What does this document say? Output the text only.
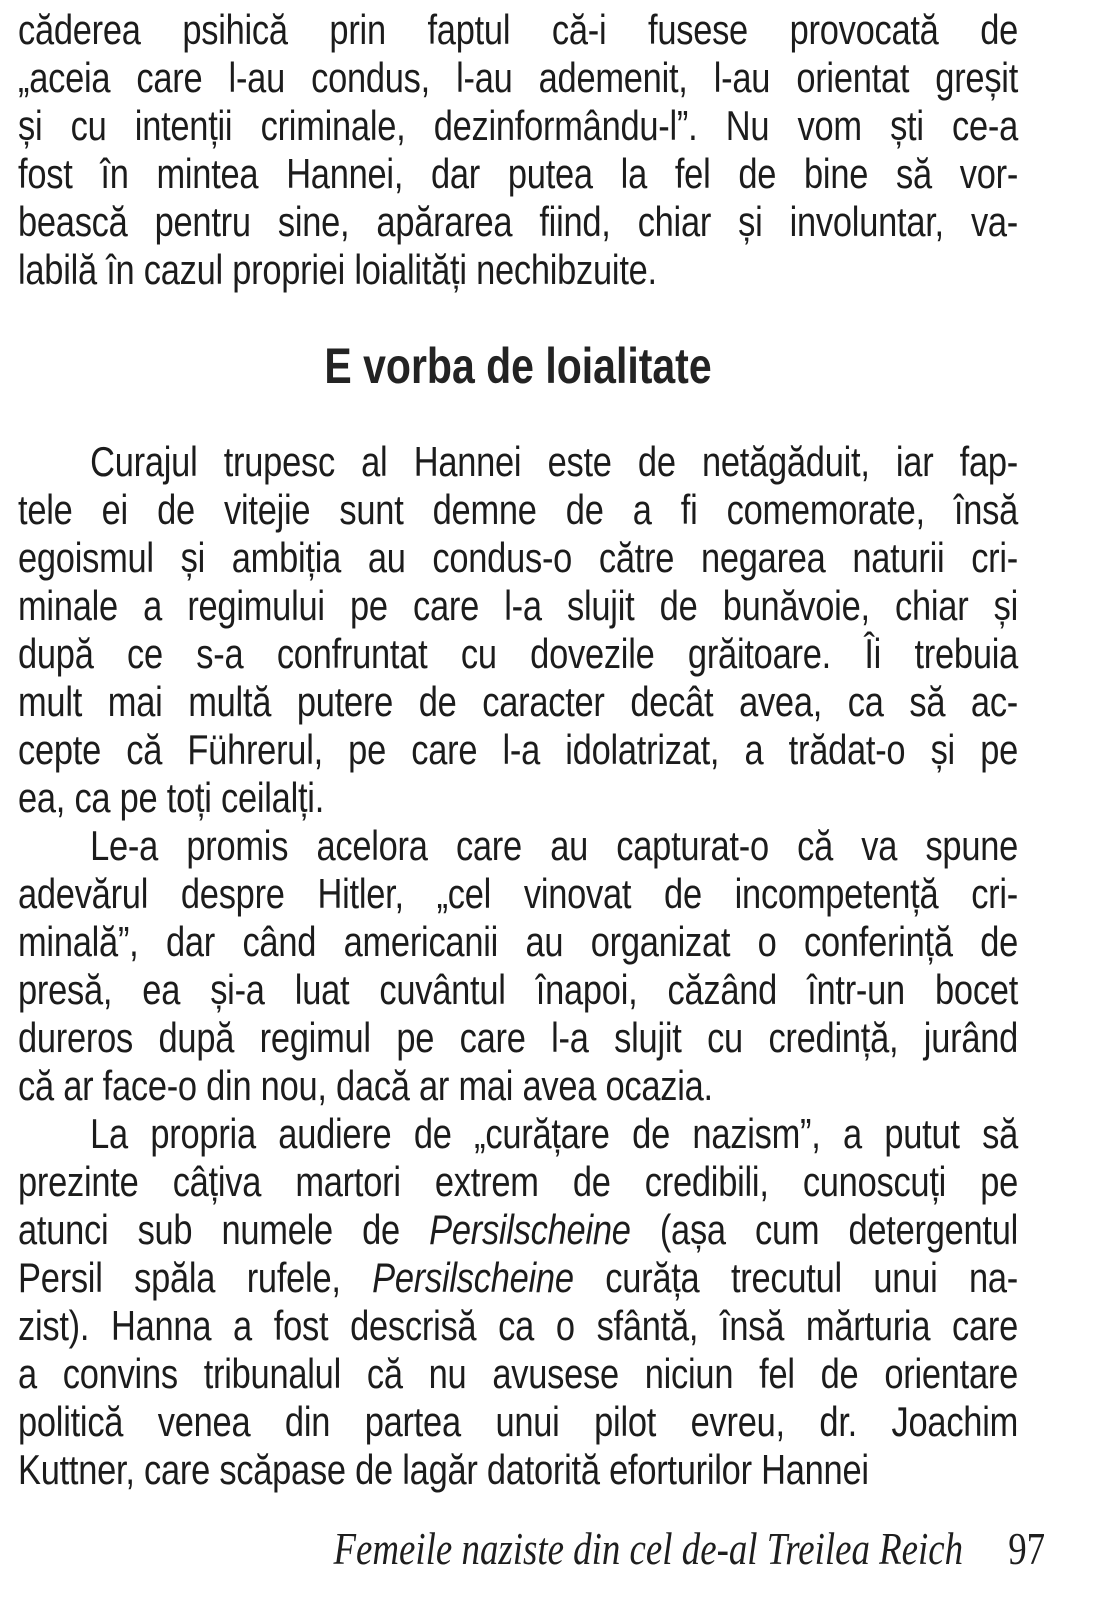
căderea psihică prin faptul că-i fusese provocată de
„aceia care l-au condus, l-au ademenit, l-au orientat greșit
și cu intenții criminale, dezinformându-l”. Nu vom ști ce-a
fost în mintea Hannei, dar putea la fel de bine să vor-
bească pentru sine, apărarea fiind, chiar și involuntar, va-
labilă în cazul propriei loialități nechibzuite.
E vorba de loialitate
Curajul trupesc al Hannei este de netăgăduit, iar fap-
tele ei de vitejie sunt demne de a fi comemorate, însă
egoismul și ambiția au condus-o către negarea naturii cri-
minale a regimului pe care l-a slujit de bunăvoie, chiar și
după ce s-a confruntat cu dovezile grăitoare. Îi trebuia
mult mai multă putere de caracter decât avea, ca să ac-
cepte că Führerul, pe care l-a idolatrizat, a trădat-o și pe
ea, ca pe toți ceilalți.
Le-a promis acelora care au capturat-o că va spune
adevărul despre Hitler, „cel vinovat de incompetență cri-
minală”, dar când americanii au organizat o conferință de
presă, ea și-a luat cuvântul înapoi, căzând într-un bocet
dureros după regimul pe care l-a slujit cu credință, jurând
că ar face-o din nou, dacă ar mai avea ocazia.
La propria audiere de „curățare de nazism”, a putut să
prezinte câțiva martori extrem de credibili, cunoscuți pe
atunci sub numele de Persilscheine (așa cum detergentul
Persil spăla rufele, Persilscheine curăța trecutul unui na-
zist). Hanna a fost descrisă ca o sfântă, însă mărturia care
a convins tribunalul că nu avusese niciun fel de orientare
politică venea din partea unui pilot evreu, dr. Joachim
Kuttner, care scăpase de lagăr datorită eforturilor Hannei
Femeile naziste din cel de-al Treilea Reich 97
